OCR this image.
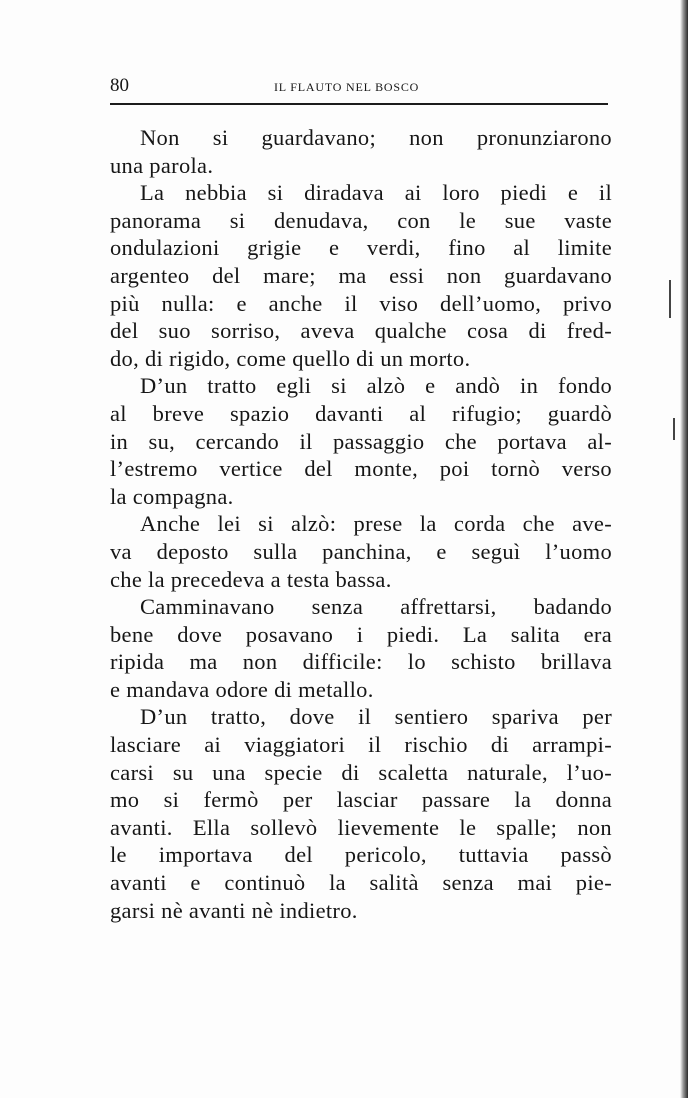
80	IL FLAUTO NEL BOSCO
Non si guardavano; non pronunziarono
una parola.
La nebbia si diradava ai loro piedi e il
panorama si denudava, con le sue vaste
ondulazioni grigie e verdi, fino al limite
argenteo del mare; ma essi non guardavano
più nulla: e anche il viso dell’uomo, privo
del suo sorriso, aveva qualche cosa di fred-
do, di rigido, come quello di un morto.
D’un tratto egli si alzò e andò in fondo
al breve spazio davanti al rifugio; guardò
in su, cercando il passaggio che portava al-
l’estremo vertice del monte, poi tornò verso
la compagna.
Anche lei si alzò: prese la corda che ave-
va deposto sulla panchina, e seguì l’uomo
che la precedeva a testa bassa.
Camminavano senza affrettarsi, badando
bene dove posavano i piedi. La salita era
ripida ma non difficile: lo schisto brillava
e mandava odore di metallo.
D’un tratto, dove il sentiero spariva per
lasciare ai viaggiatori il rischio di arrampi-
carsi su una specie di scaletta naturale, l’uo-
mo si fermò per lasciar passare la donna
avanti. Ella sollevò lievemente le spalle; non
le importava del pericolo, tuttavia passò
avanti e continuò la salità senza mai pie-
garsi nè avanti nè indietro.
